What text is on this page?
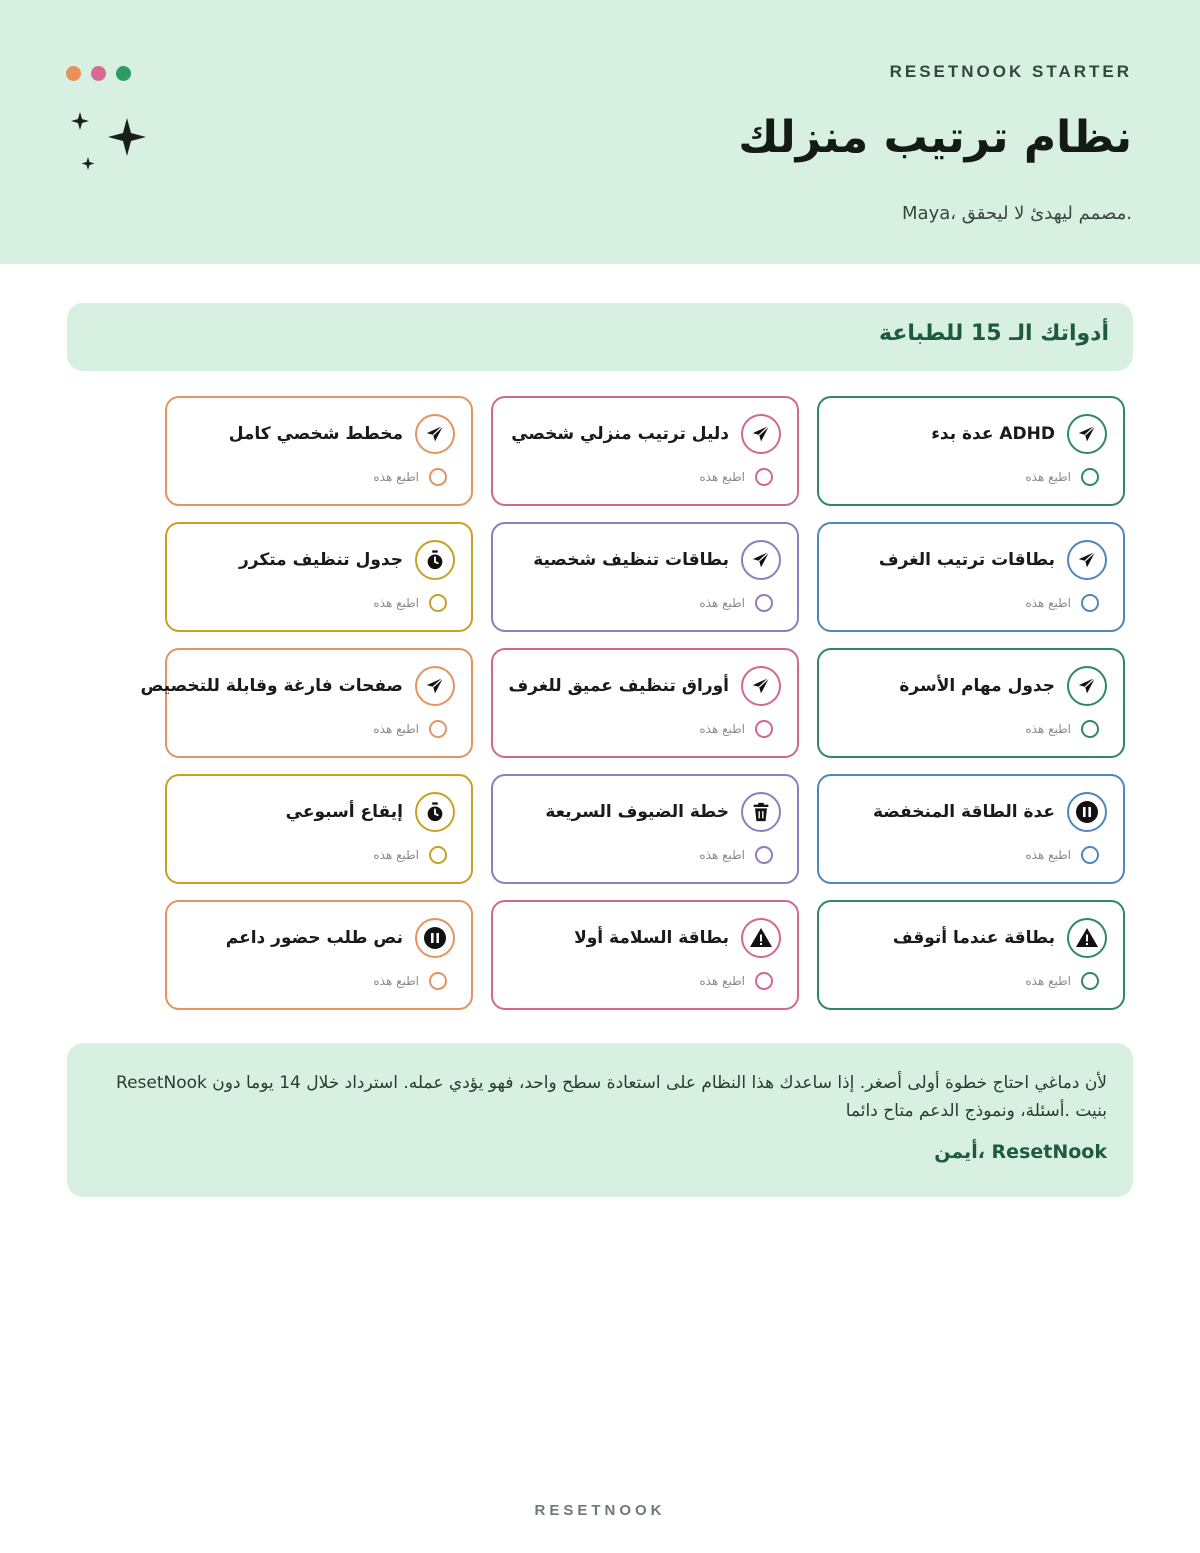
RESETNOOK STARTER
نظام ترتيب منزلك
.مصمم ليهدئ لا ليحقق ،Maya
أدواتك الـ 15 للطباعة
ADHD عدة بدء
اطبع هذه
دليل ترتيب منزلي شخصي
اطبع هذه
مخطط شخصي كامل
اطبع هذه
بطاقات ترتيب الغرف
اطبع هذه
بطاقات تنظيف شخصية
اطبع هذه
جدول تنظيف متكرر
اطبع هذه
جدول مهام الأسرة
اطبع هذه
أوراق تنظيف عميق للغرف
اطبع هذه
صفحات فارغة وقابلة للتخصيص
اطبع هذه
عدة الطاقة المنخفضة
اطبع هذه
خطة الضيوف السريعة
اطبع هذه
إيقاع أسبوعي
اطبع هذه
بطاقة عندما أتوقف
اطبع هذه
بطاقة السلامة أولا
اطبع هذه
نص طلب حضور داعم
اطبع هذه
لأن دماغي احتاج خطوة أولى أصغر. إذا ساعدك هذا النظام على استعادة سطح واحد، فهو يؤدي عمله. استرداد خلال 14 يوما دون ResetNook بنيت .أسئلة، ونموذج الدعم متاح دائما
ResetNook ،أيمن
RESETNOOK
